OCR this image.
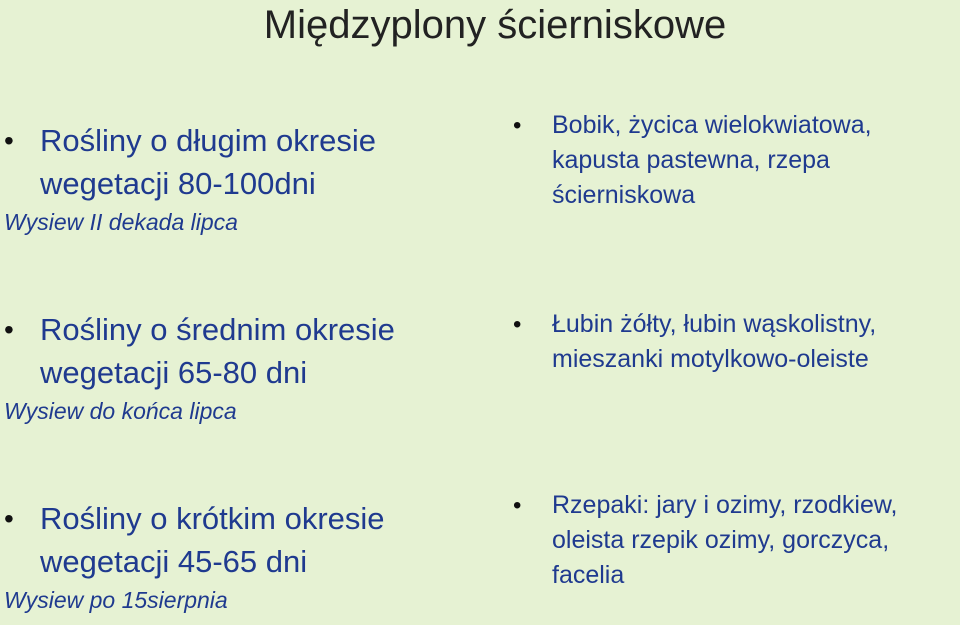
Międzyplony ścierniskowe
• Rośliny o długim okresie wegetacji 80-100dni
Wysiew II dekada lipca
•	Bobik, życica wielokwiatowa, kapusta pastewna, rzepa ścierniskowa
• Rośliny o średnim okresie wegetacji 65-80 dni
Wysiew do końca lipca
•	Łubin żółty, łubin wąskolistny, mieszanki motylkowo-oleiste
• Rośliny o krótkim okresie wegetacji 45-65 dni
Wysiew po 15sierpnia
•	Rzepaki: jary i ozimy, rzodkiew, oleista rzepik ozimy, gorczyca, facelia
